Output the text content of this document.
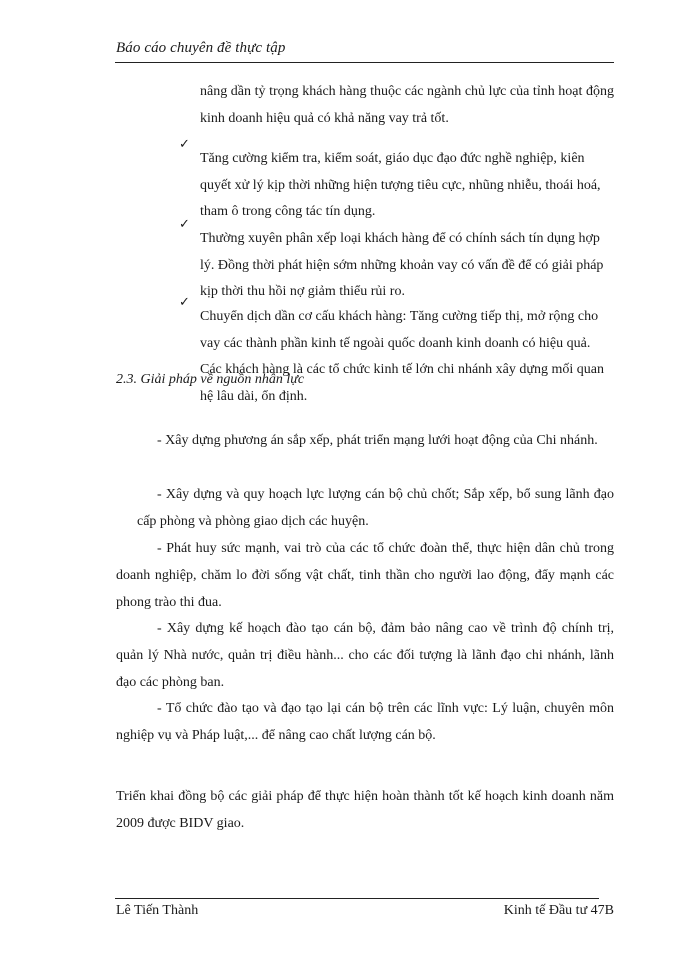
Báo cáo chuyên đề thực tập

nâng dần tỷ trọng khách hàng thuộc các ngành chủ lực của tỉnh hoạt động kinh doanh hiệu quả có khả năng vay trả tốt.

✓

Tăng cường kiểm tra, kiểm soát, giáo dục đạo đức nghề nghiệp, kiên quyết xử lý kịp thời những hiện tượng tiêu cực, nhũng nhiễu, thoái hoá, tham ô trong công tác tín dụng.

✓

Thường xuyên phân xếp loại khách hàng để có chính sách tín dụng hợp lý. Đồng thời phát hiện sớm những khoản vay có vấn đề để có giải pháp kịp thời thu hồi nợ giảm thiểu rủi ro.

✓

Chuyển dịch dần cơ cấu khách hàng: Tăng cường tiếp thị, mở rộng cho vay các thành phần kinh tế ngoài quốc doanh kinh doanh có hiệu quả. Các khách hàng là các tổ chức kinh tế lớn chi nhánh xây dựng mối quan hệ lâu dài, ổn định.

2.3. Giải pháp về nguồn nhân lực

- Xây dựng phương án sắp xếp, phát triển mạng lưới hoạt động của Chi nhánh.

- Xây dựng và quy hoạch lực lượng cán bộ chủ chốt; Sắp xếp, bổ sung lãnh đạo cấp phòng và phòng giao dịch các huyện.

- Phát huy sức mạnh, vai trò của các tổ chức đoàn thể, thực hiện dân chủ trong doanh nghiệp, chăm lo đời sống vật chất, tinh thần cho người lao động, đẩy mạnh các phong trào thi đua.

- Xây dựng kế hoạch đào tạo cán bộ, đảm bảo nâng cao về trình độ chính trị, quản lý Nhà nước, quản trị điều hành... cho các đối tượng là lãnh đạo chi nhánh, lãnh đạo các phòng ban.

- Tổ chức đào tạo và đạo tạo lại cán bộ trên các lĩnh vực: Lý luận, chuyên môn nghiệp vụ và Pháp luật,... để nâng cao chất lượng cán bộ.

Triển khai đồng bộ các giải pháp để thực hiện hoàn thành tốt kế hoạch kinh doanh năm 2009 được BIDV giao.

Lê Tiến Thành	Kinh tế Đầu tư 47B
